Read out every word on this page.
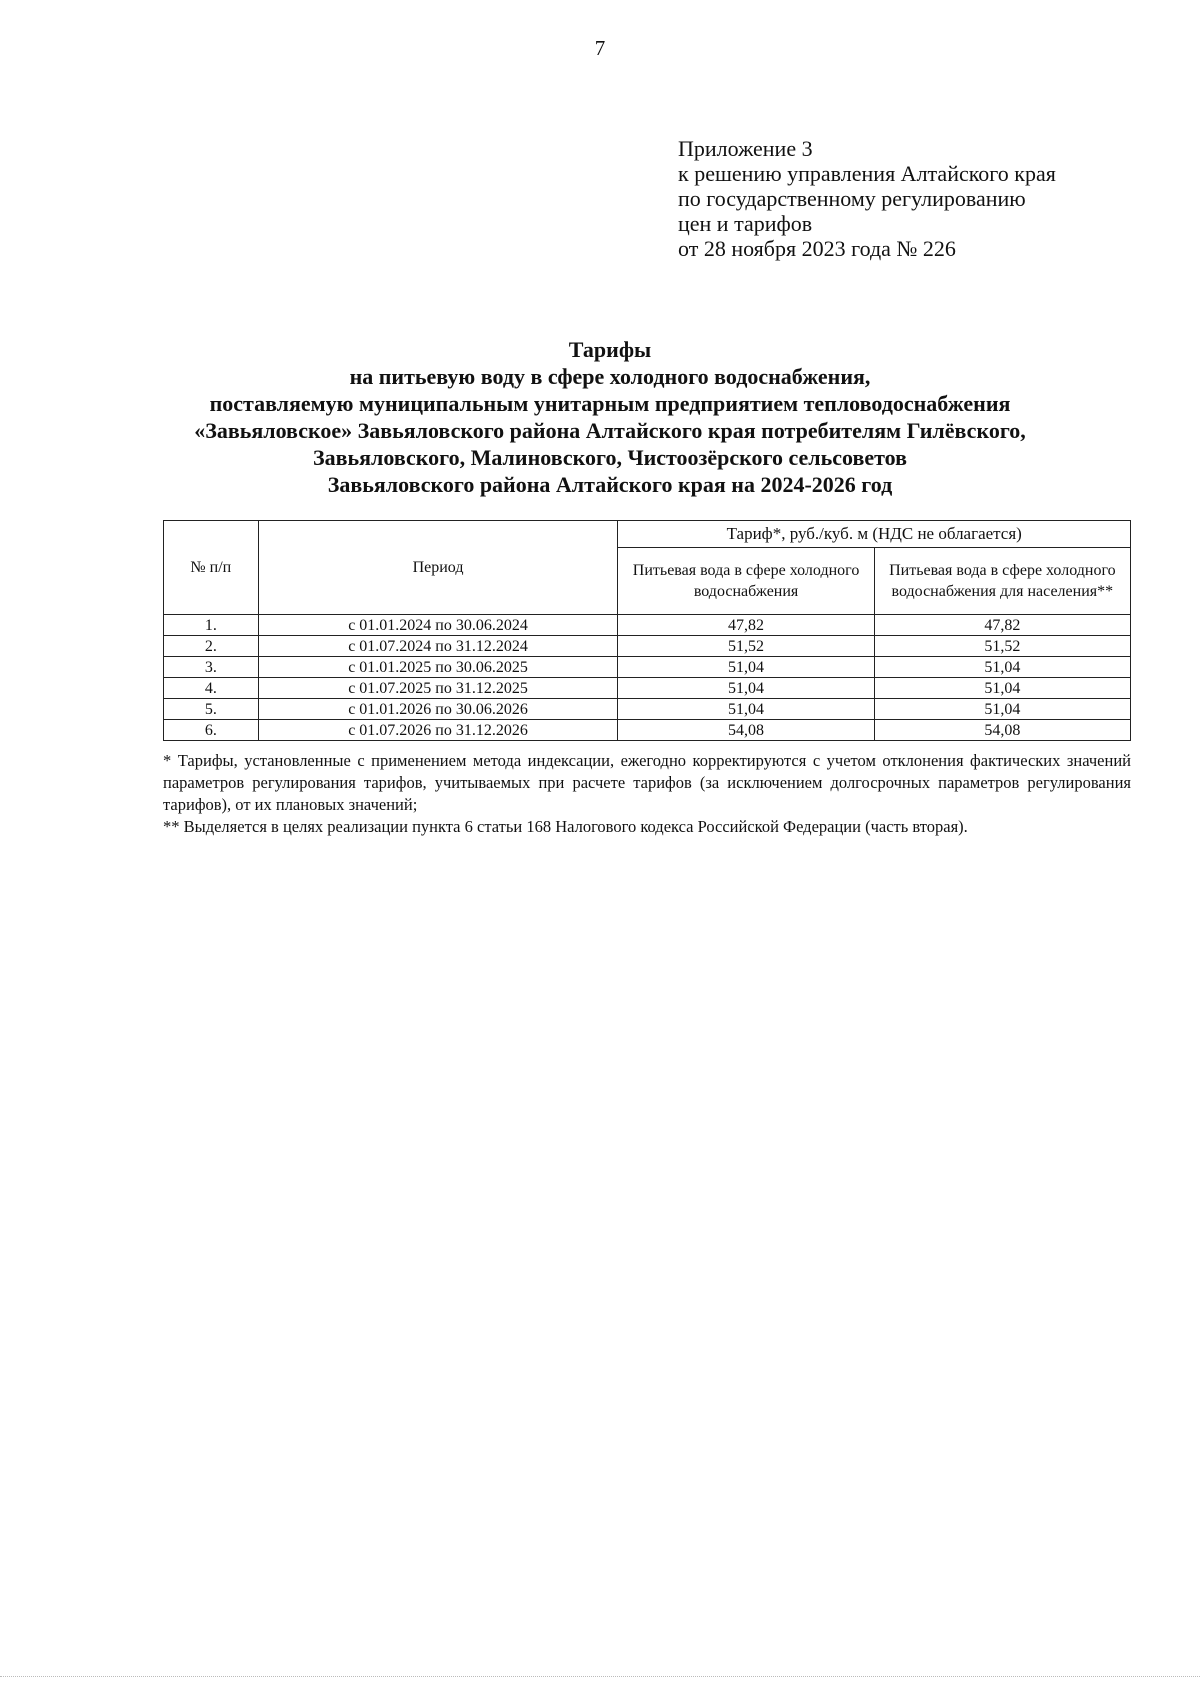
7
Приложение 3
к решению управления Алтайского края
по государственному регулированию
цен и тарифов
от 28 ноября 2023 года № 226
Тарифы
на питьевую воду в сфере холодного водоснабжения,
поставляемую муниципальным унитарным предприятием тепловодоснабжения
«Завьяловское» Завьяловского района Алтайского края потребителям Гилёвского,
Завьяловского, Малиновского, Чистоозёрского сельсоветов
Завьяловского района Алтайского края на 2024-2026 год
№ п/п	Период	Тариф*, руб./куб. м (НДС не облагается)	
		Питьевая вода в сфере холодного водоснабжения	Питьевая вода в сфере холодного водоснабжения для населения**
1.	с 01.01.2024 по 30.06.2024	47,82	47,82
2.	с 01.07.2024 по 31.12.2024	51,52	51,52
3.	с 01.01.2025 по 30.06.2025	51,04	51,04
4.	с 01.07.2025 по 31.12.2025	51,04	51,04
5.	с 01.01.2026 по 30.06.2026	51,04	51,04
6.	с 01.07.2026 по 31.12.2026	54,08	54,08

* Тарифы, установленные с применением метода индексации, ежегодно корректируются с учетом отклонения фактических значений параметров регулирования тарифов, учитываемых при расчете тарифов (за исключением долгосрочных параметров регулирования тарифов), от их плановых значений;

** Выделяется в целях реализации пункта 6 статьи 168 Налогового кодекса Российской Федерации (часть вторая).
